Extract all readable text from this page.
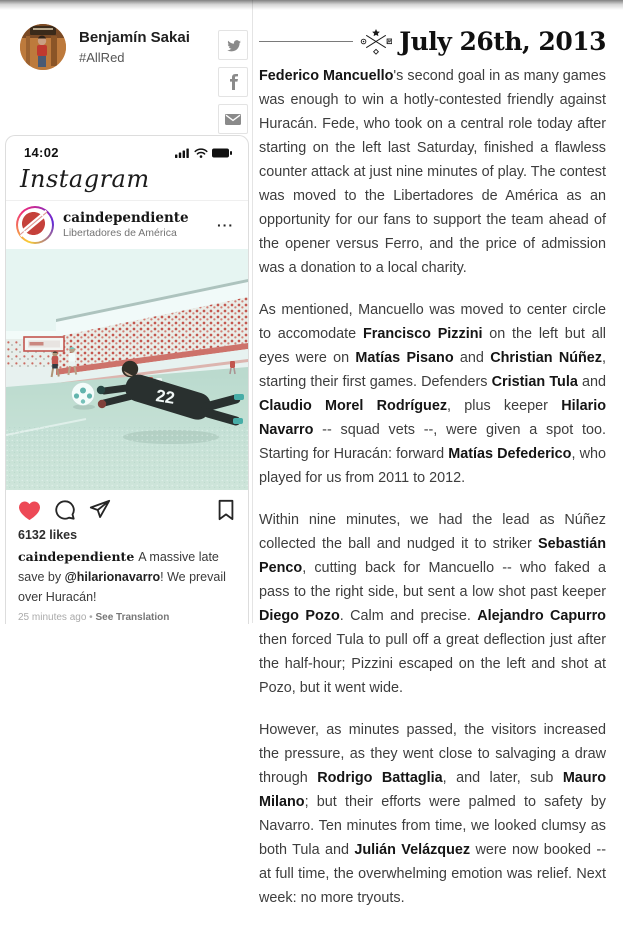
Benjamín Sakai
#AllRed
14:02
Instagram
caindependiente
Libertadores de América
···
22
6132 likes
caindependiente A massive late save by @hilarionavarro! We prevail over Huracán!
25 minutes ago • See Translation
July 26th, 2013

Federico Mancuello's second goal in as many games was enough to win a hotly-contested friendly against Huracán. Fede, who took on a central role today after starting on the left last Saturday, finished a flawless counter attack at just nine minutes of play. The contest was moved to the Libertadores de América as an opportunity for our fans to support the team ahead of the opener versus Ferro, and the price of admission was a donation to a local charity.

As mentioned, Mancuello was moved to center circle to accomodate Francisco Pizzini on the left but all eyes were on Matías Pisano and Christian Núñez, starting their first games. Defenders Cristian Tula and Claudio Morel Rodríguez, plus keeper Hilario Navarro -- squad vets --, were given a spot too. Starting for Huracán: forward Matías Defederico, who played for us from 2011 to 2012.

Within nine minutes, we had the lead as Núñez collected the ball and nudged it to striker Sebastián Penco, cutting back for Mancuello -- who faked a pass to the right side, but sent a low shot past keeper Diego Pozo. Calm and precise. Alejandro Capurro then forced Tula to pull off a great deflection just after the half-hour; Pizzini escaped on the left and shot at Pozo, but it went wide.

However, as minutes passed, the visitors increased the pressure, as they went close to salvaging a draw through Rodrigo Battaglia, and later, sub Mauro Milano; but their efforts were palmed to safety by Navarro. Ten minutes from time, we looked clumsy as both Tula and Julián Velázquez were now booked -- at full time, the overwhelming emotion was relief. Next week: no more tryouts.
